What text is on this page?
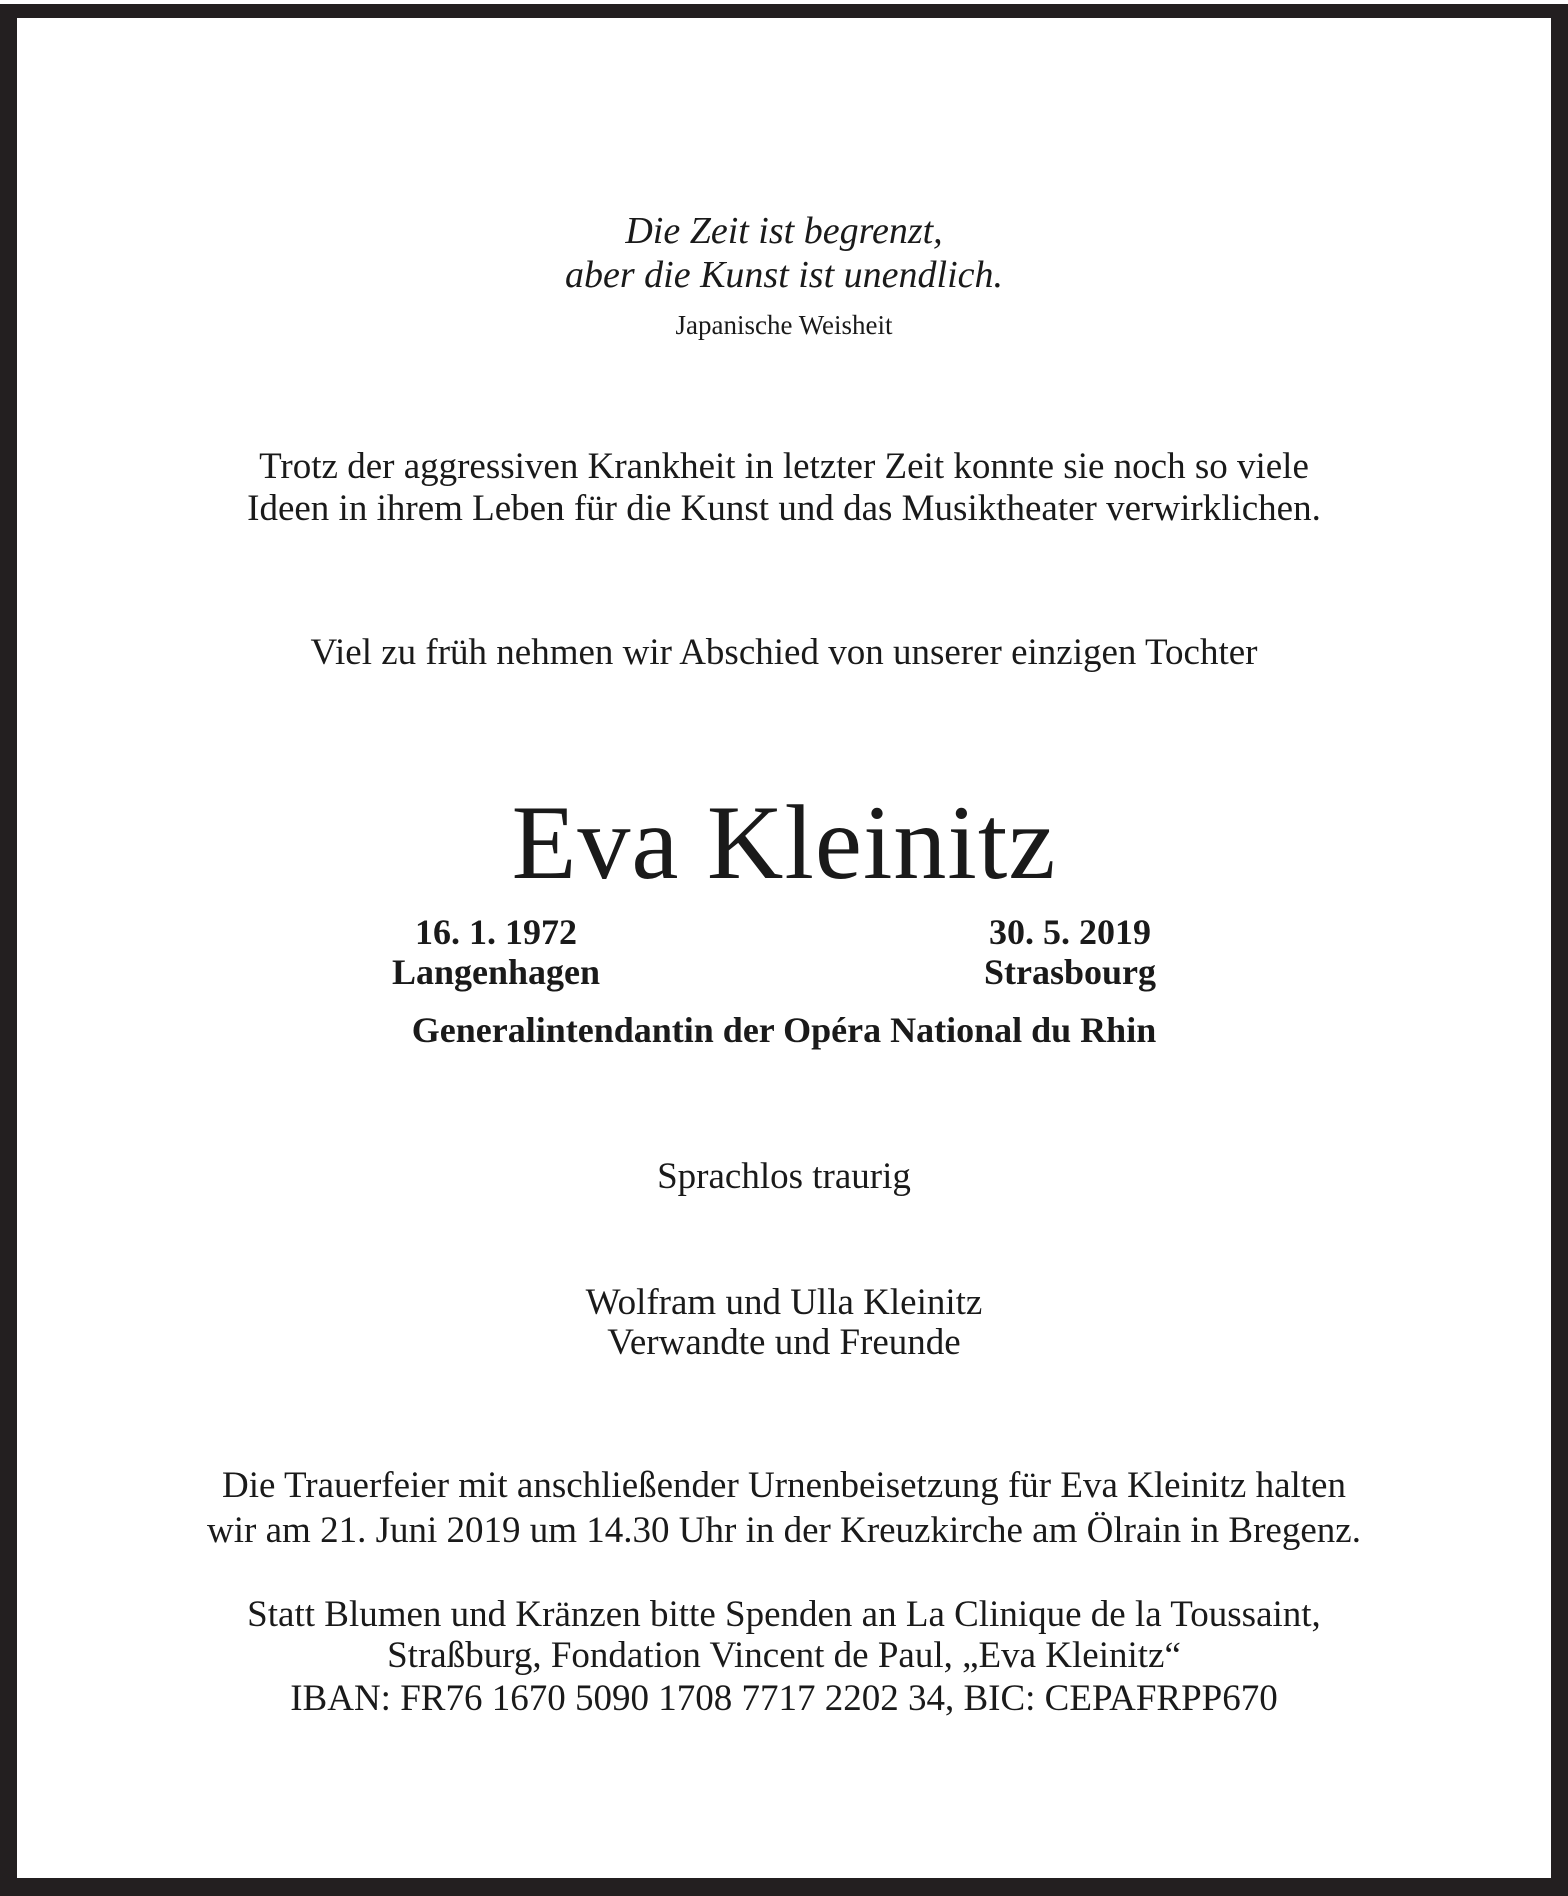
Die Zeit ist begrenzt,
aber die Kunst ist unendlich.
Japanische Weisheit
Trotz der aggressiven Krankheit in letzter Zeit konnte sie noch so viele
Ideen in ihrem Leben für die Kunst und das Musiktheater verwirklichen.
Viel zu früh nehmen wir Abschied von unserer einzigen Tochter
Eva Kleinitz
16. 1. 1972
Langenhagen
30. 5. 2019
Strasbourg
Generalintendantin der Opéra National du Rhin
Sprachlos traurig
Wolfram und Ulla Kleinitz
Verwandte und Freunde
Die Trauerfeier mit anschließender Urnenbeisetzung für Eva Kleinitz halten
wir am 21. Juni 2019 um 14.30 Uhr in der Kreuzkirche am Ölrain in Bregenz.
Statt Blumen und Kränzen bitte Spenden an La Clinique de la Toussaint,
Straßburg, Fondation Vincent de Paul, „Eva Kleinitz“
IBAN: FR76 1670 5090 1708 7717 2202 34, BIC: CEPAFRPP670
